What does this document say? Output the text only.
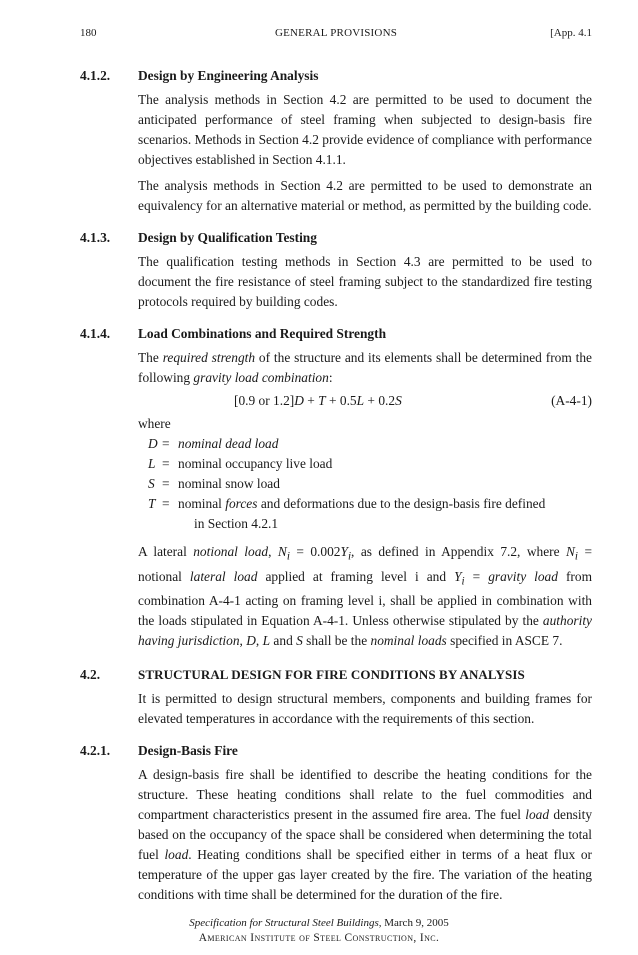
180	GENERAL PROVISIONS	[App. 4.1
4.1.2. Design by Engineering Analysis
The analysis methods in Section 4.2 are permitted to be used to document the anticipated performance of steel framing when subjected to design-basis fire scenarios. Methods in Section 4.2 provide evidence of compliance with performance objectives established in Section 4.1.1.
The analysis methods in Section 4.2 are permitted to be used to demonstrate an equivalency for an alternative material or method, as permitted by the building code.
4.1.3. Design by Qualification Testing
The qualification testing methods in Section 4.3 are permitted to be used to document the fire resistance of steel framing subject to the standardized fire testing protocols required by building codes.
4.1.4. Load Combinations and Required Strength
The required strength of the structure and its elements shall be determined from the following gravity load combination:
[0.9 or 1.2]D + T + 0.5L + 0.2S	(A-4-1)
where
D = nominal dead load
L = nominal occupancy live load
S = nominal snow load
T = nominal forces and deformations due to the design-basis fire defined
in Section 4.2.1
A lateral notional load, $N_i = 0.002Y_i$, as defined in Appendix 7.2, where $N_i$ = notional lateral load applied at framing level i and $Y_i$ = gravity load from combination A-4-1 acting on framing level i, shall be applied in combination with the loads stipulated in Equation A-4-1. Unless otherwise stipulated by the authority having jurisdiction, D, L and S shall be the nominal loads specified in ASCE 7.
4.2.	STRUCTURAL DESIGN FOR FIRE CONDITIONS BY ANALYSIS
It is permitted to design structural members, components and building frames for elevated temperatures in accordance with the requirements of this section.
4.2.1. Design-Basis Fire
A design-basis fire shall be identified to describe the heating conditions for the structure. These heating conditions shall relate to the fuel commodities and compartment characteristics present in the assumed fire area. The fuel load density based on the occupancy of the space shall be considered when determining the total fuel load. Heating conditions shall be specified either in terms of a heat flux or temperature of the upper gas layer created by the fire. The variation of the heating conditions with time shall be determined for the duration of the fire.
Specification for Structural Steel Buildings, March 9, 2005
American Institute of Steel Construction, Inc.
